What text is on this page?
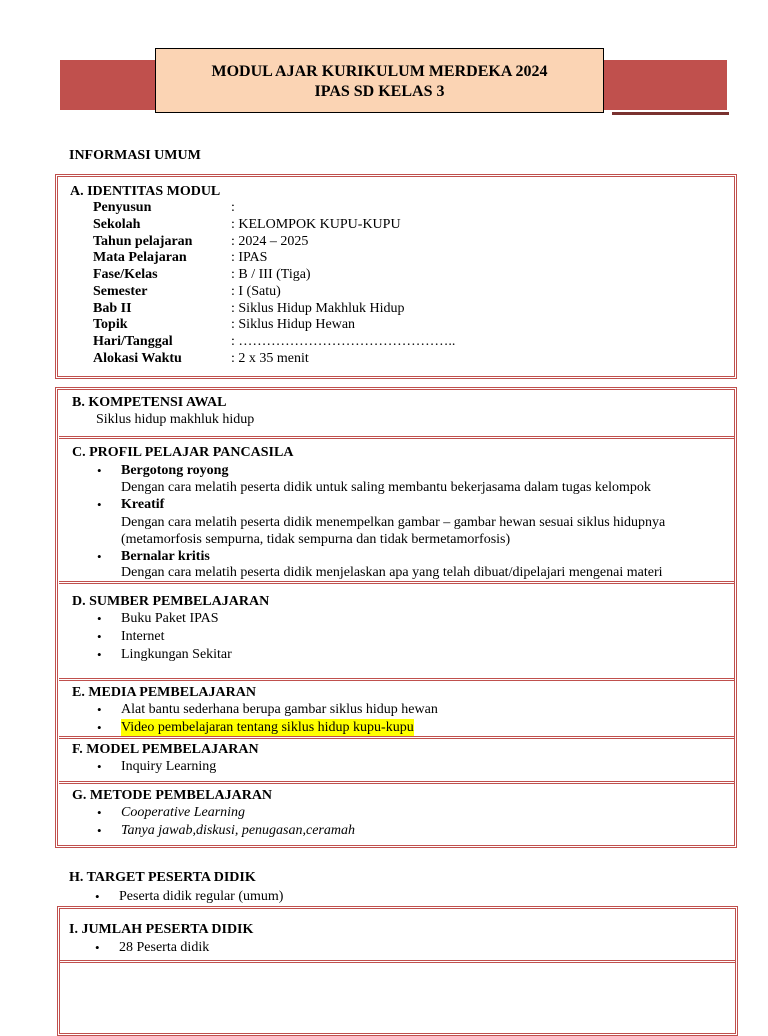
MODUL AJAR KURIKULUM MERDEKA 2024
IPAS SD KELAS 3
INFORMASI UMUM
A. IDENTITAS MODUL
Penyusun	:
Sekolah	: KELOMPOK KUPU-KUPU
Tahun pelajaran	: 2024 – 2025
Mata Pelajaran	: IPAS
Fase/Kelas	: B / III (Tiga)
Semester	: I (Satu)
Bab II	: Siklus Hidup Makhluk Hidup
Topik	: Siklus Hidup Hewan
Hari/Tanggal	: ………………………………………..
Alokasi Waktu	: 2 x 35 menit
B. KOMPETENSI AWAL
Siklus hidup makhluk hidup
C. PROFIL PELAJAR PANCASILA
• Bergotong royong
Dengan cara melatih peserta didik untuk saling membantu bekerjasama dalam tugas kelompok
• Kreatif
Dengan cara melatih peserta didik menempelkan gambar – gambar hewan sesuai siklus hidupnya
(metamorfosis sempurna, tidak sempurna dan tidak bermetamorfosis)
• Bernalar kritis
Dengan cara melatih peserta didik menjelaskan apa yang telah dibuat/dipelajari mengenai materi
D. SUMBER PEMBELAJARAN
• Buku Paket IPAS
• Internet
• Lingkungan Sekitar
E. MEDIA PEMBELAJARAN
• Alat bantu sederhana berupa gambar siklus hidup hewan
• Video pembelajaran tentang siklus hidup kupu-kupu
F. MODEL PEMBELAJARAN
• Inquiry Learning
G. METODE PEMBELAJARAN
• Cooperative Learning
• Tanya jawab,diskusi, penugasan,ceramah
H. TARGET PESERTA DIDIK
• Peserta didik regular (umum)
I. JUMLAH PESERTA DIDIK
• 28 Peserta didik
